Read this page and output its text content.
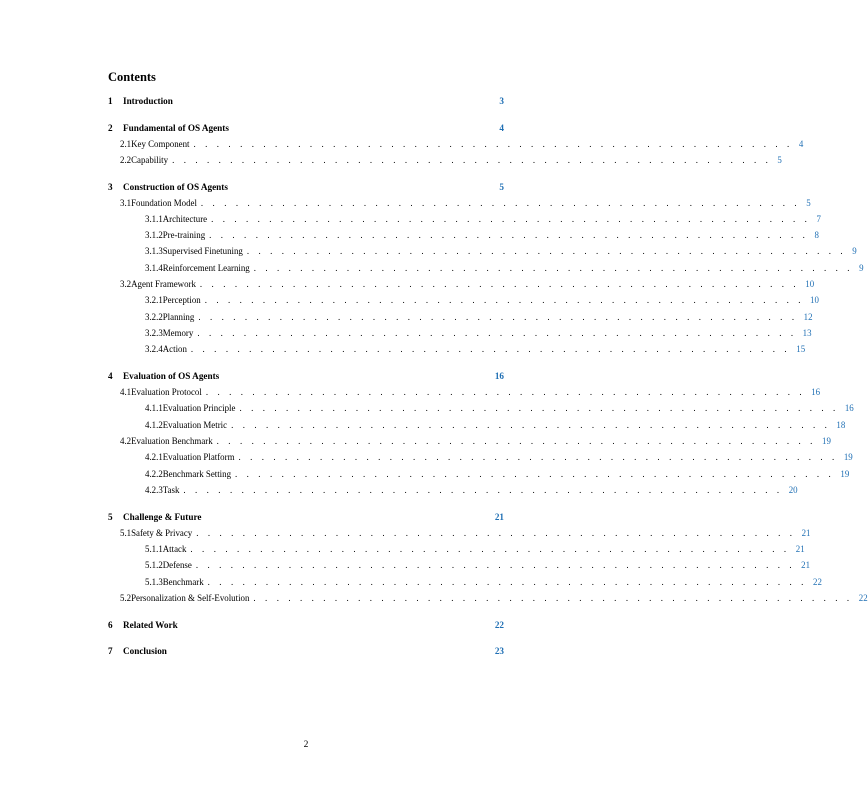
Contents
1	Introduction	3
2	Fundamental of OS Agents	4
2.1 Key Component . . . . . . . . . . . . . . . . . . . . . . . . . . . . . . . . . . . . . . . . . . . . . . . . . . . . 4
2.2 Capability . . . . . . . . . . . . . . . . . . . . . . . . . . . . . . . . . . . . . . . . . . . . . . . . . . . . 5
3	Construction of OS Agents	5
3.1 Foundation Model . . . . . . . . . . . . . . . . . . . . . . . . . . . . . . . . . . . . . . . . . . . . . . . . . . . . 5
3.1.1 Architecture . . . . . . . . . . . . . . . . . . . . . . . . . . . . . . . . . . . . . . . . . . . . . . . . . . . . 7
3.1.2 Pre-training . . . . . . . . . . . . . . . . . . . . . . . . . . . . . . . . . . . . . . . . . . . . . . . . . . . . 8
3.1.3 Supervised Finetuning . . . . . . . . . . . . . . . . . . . . . . . . . . . . . . . . . . . . . . . . . . . . . . . . . . . . 9
3.1.4 Reinforcement Learning . . . . . . . . . . . . . . . . . . . . . . . . . . . . . . . . . . . . . . . . . . . . . . . . . . . . 9
3.2 Agent Framework . . . . . . . . . . . . . . . . . . . . . . . . . . . . . . . . . . . . . . . . . . . . . . . . . . . . 10
3.2.1 Perception . . . . . . . . . . . . . . . . . . . . . . . . . . . . . . . . . . . . . . . . . . . . . . . . . . . . 10
3.2.2 Planning . . . . . . . . . . . . . . . . . . . . . . . . . . . . . . . . . . . . . . . . . . . . . . . . . . . . 12
3.2.3 Memory . . . . . . . . . . . . . . . . . . . . . . . . . . . . . . . . . . . . . . . . . . . . . . . . . . . . 13
3.2.4 Action . . . . . . . . . . . . . . . . . . . . . . . . . . . . . . . . . . . . . . . . . . . . . . . . . . . . 15
4	Evaluation of OS Agents	16
4.1 Evaluation Protocol . . . . . . . . . . . . . . . . . . . . . . . . . . . . . . . . . . . . . . . . . . . . . . . . . . . . 16
4.1.1 Evaluation Principle . . . . . . . . . . . . . . . . . . . . . . . . . . . . . . . . . . . . . . . . . . . . . . . . . . . . 16
4.1.2 Evaluation Metric . . . . . . . . . . . . . . . . . . . . . . . . . . . . . . . . . . . . . . . . . . . . . . . . . . . . 18
4.2 Evaluation Benchmark . . . . . . . . . . . . . . . . . . . . . . . . . . . . . . . . . . . . . . . . . . . . . . . . . . . . 19
4.2.1 Evaluation Platform . . . . . . . . . . . . . . . . . . . . . . . . . . . . . . . . . . . . . . . . . . . . . . . . . . . . 19
4.2.2 Benchmark Setting . . . . . . . . . . . . . . . . . . . . . . . . . . . . . . . . . . . . . . . . . . . . . . . . . . . . 19
4.2.3 Task . . . . . . . . . . . . . . . . . . . . . . . . . . . . . . . . . . . . . . . . . . . . . . . . . . . . 20
5	Challenge & Future	21
5.1 Safety & Privacy . . . . . . . . . . . . . . . . . . . . . . . . . . . . . . . . . . . . . . . . . . . . . . . . . . . . 21
5.1.1 Attack . . . . . . . . . . . . . . . . . . . . . . . . . . . . . . . . . . . . . . . . . . . . . . . . . . . . 21
5.1.2 Defense . . . . . . . . . . . . . . . . . . . . . . . . . . . . . . . . . . . . . . . . . . . . . . . . . . . . 21
5.1.3 Benchmark . . . . . . . . . . . . . . . . . . . . . . . . . . . . . . . . . . . . . . . . . . . . . . . . . . . . 22
5.2 Personalization & Self-Evolution . . . . . . . . . . . . . . . . . . . . . . . . . . . . . . . . . . . . . . . . . . . . . . . . . . . . 22
6	Related Work	22
7	Conclusion	23
2
